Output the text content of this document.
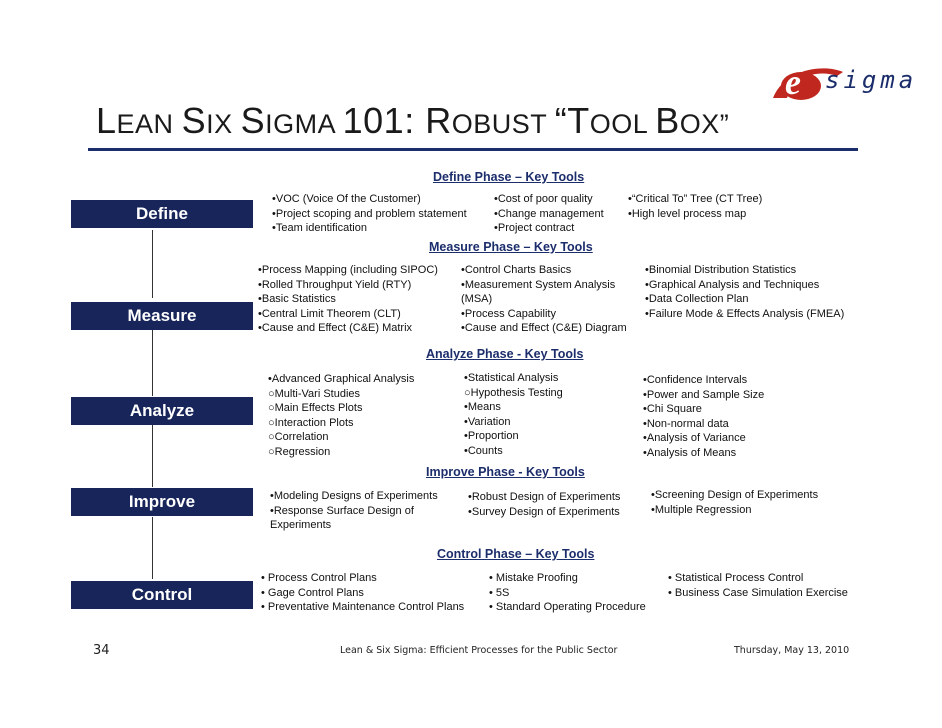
e sigma
LEAN SIX SIGMA 101: ROBUST “TOOL BOX”
Define
Measure
Analyze
Improve
Control
Define Phase – Key Tools
•VOC (Voice Of the Customer)
•Project scoping and problem statement
•Team identification
•Cost of poor quality
•Change management
•Project contract
•“Critical To” Tree (CT Tree)
•High level process map
Measure Phase – Key Tools
•Process Mapping (including SIPOC)
•Rolled Throughput Yield (RTY)
•Basic Statistics
•Central Limit Theorem (CLT)
•Cause and Effect (C&E) Matrix
•Control Charts Basics
•Measurement System Analysis
(MSA)
•Process Capability
•Cause and Effect (C&E) Diagram
•Binomial Distribution Statistics
•Graphical Analysis and Techniques
•Data Collection Plan
•Failure Mode & Effects Analysis (FMEA)
Analyze Phase - Key Tools
•Advanced Graphical Analysis
○Multi-Vari Studies
○Main Effects Plots
○Interaction Plots
○Correlation
○Regression
•Statistical Analysis
○Hypothesis Testing
•Means
•Variation
•Proportion
•Counts
•Confidence Intervals
•Power and Sample Size
•Chi Square
•Non-normal data
•Analysis of Variance
•Analysis of Means
Improve Phase - Key Tools
•Modeling Designs of Experiments
•Response Surface Design of
Experiments
•Robust Design of Experiments
•Survey Design of Experiments
•Screening Design of Experiments
•Multiple Regression
Control Phase – Key Tools
• Process Control Plans
• Gage Control Plans
• Preventative Maintenance Control Plans
• Mistake Proofing
• 5S
• Standard Operating Procedure
• Statistical Process Control
• Business Case Simulation Exercise
34	Lean & Six Sigma: Efficient Processes for the Public Sector	Thursday, May 13, 2010
